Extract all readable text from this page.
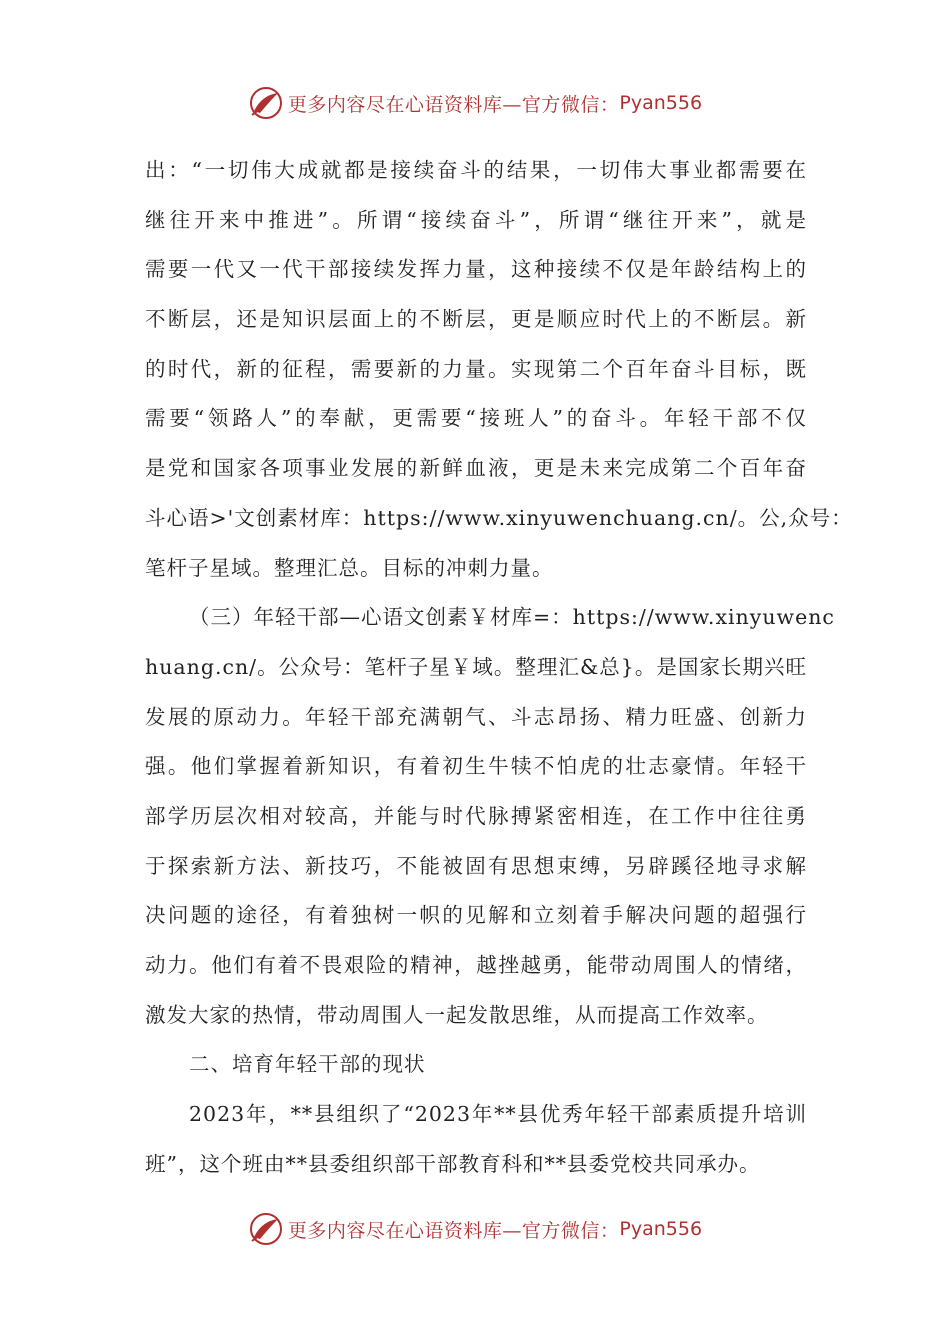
更多内容尽在心语资料库—官方微信： Pyan556
出：“一切伟大成就都是接续奋斗的结果，一切伟大事业都需要在
继往开来中推进”。所谓“接续奋斗”，所谓“继往开来”，就是
需要一代又一代干部接续发挥力量，这种接续不仅是年龄结构上的
不断层，还是知识层面上的不断层，更是顺应时代上的不断层。新
的时代，新的征程，需要新的力量。实现第二个百年奋斗目标，既
需要“领路人”的奉献，更需要“接班人”的奋斗。年轻干部不仅
是党和国家各项事业发展的新鲜血液，更是未来完成第二个百年奋
斗心语>'文创素材库：https://www.xinyuwenchuang.cn/。公,众号：
笔杆子星域。整理汇总。目标的冲刺力量。
（三）年轻干部—心语文创素￥材库=：https://www.xinyuwenc
huang.cn/。公众号：笔杆子星￥域。整理汇&总}。是国家长期兴旺
发展的原动力。年轻干部充满朝气、斗志昂扬、精力旺盛、创新力
强。他们掌握着新知识，有着初生牛犊不怕虎的壮志豪情。年轻干
部学历层次相对较高，并能与时代脉搏紧密相连，在工作中往往勇
于探索新方法、新技巧，不能被固有思想束缚，另辟蹊径地寻求解
决问题的途径，有着独树一帜的见解和立刻着手解决问题的超强行
动力。他们有着不畏艰险的精神，越挫越勇，能带动周围人的情绪，
激发大家的热情，带动周围人一起发散思维，从而提高工作效率。
二、培育年轻干部的现状
2023年，**县组织了“2023年**县优秀年轻干部素质提升培训
班”，这个班由**县委组织部干部教育科和**县委党校共同承办。
更多内容尽在心语资料库—官方微信： Pyan556
